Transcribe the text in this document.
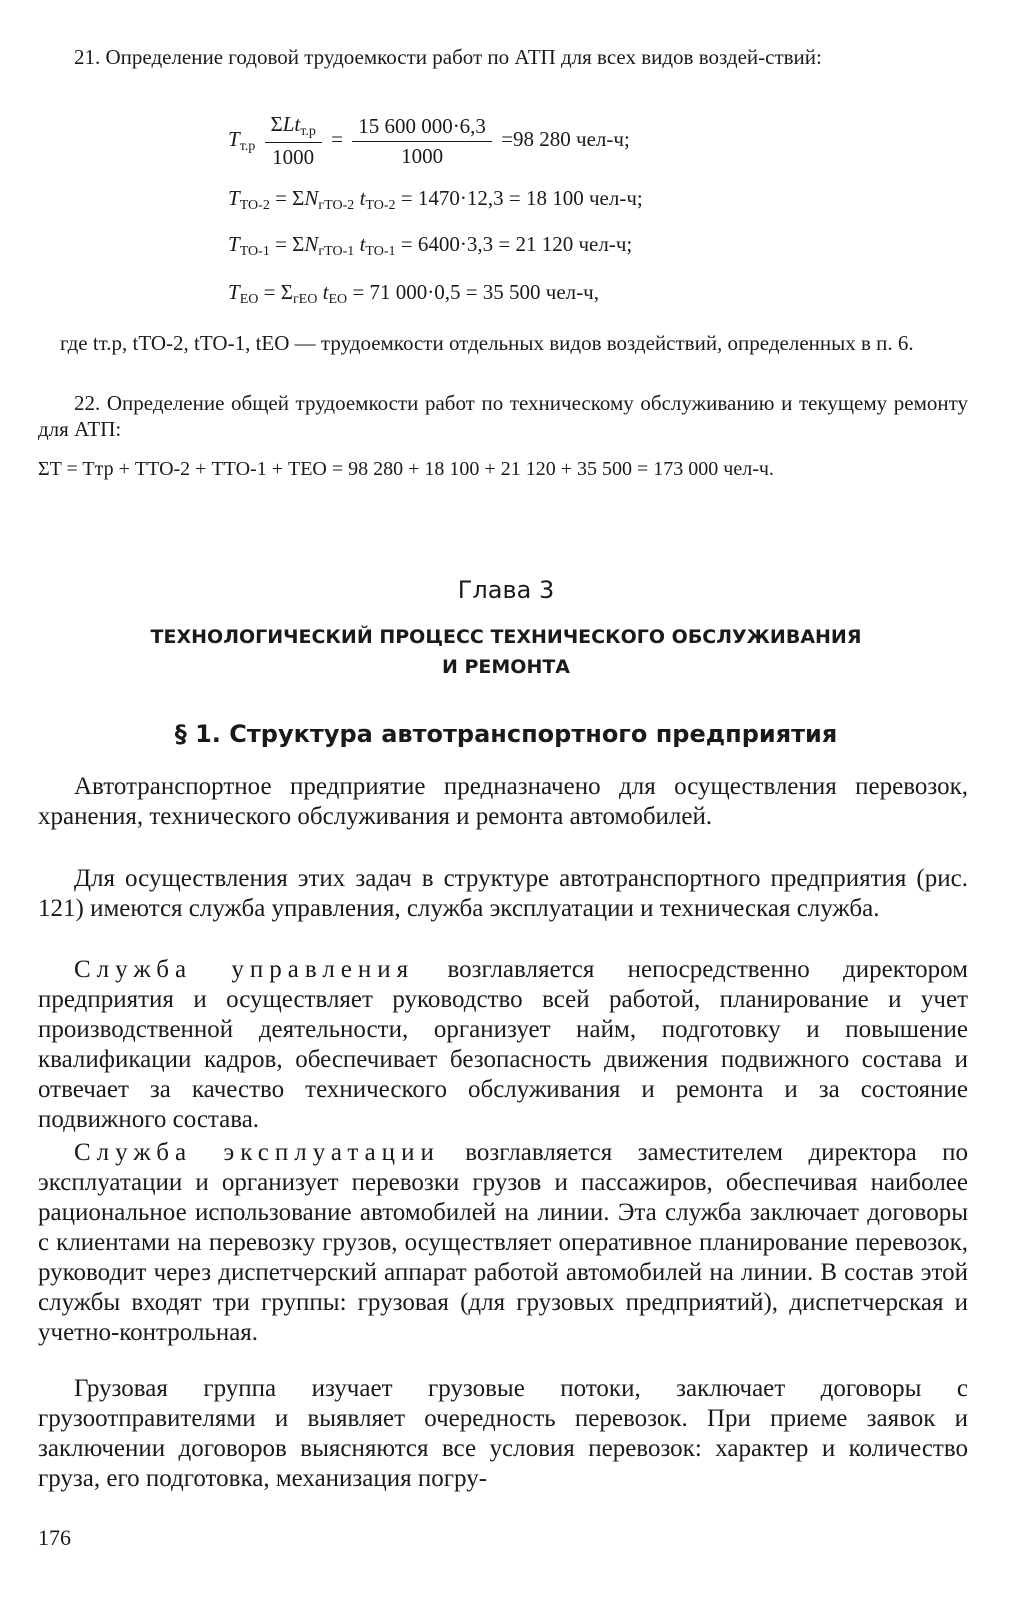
21. Определение годовой трудоемкости работ по АТП для всех видов воздей-ствий:
$T_{т.р} \frac{\Sigma Lt_{т.р}}{1000} = \frac{15 600 000\cdot 6,3}{1000} =98$ 280 чел-ч;
$T_{ТО-2} = \Sigma N_{гТО-2}$ $t_{ТО-2} = 1470\cdot 12,3 = 18$ 100 чел-ч;
$T_{ТО-1} = \Sigma N_{гТО-1}$ $t_{ТО-1} = 6400\cdot 3,3 = 21$ 120 чел-ч;
$T_{ЕО} = \Sigma_{гЕО}$ $t_{ЕО} = 71$ 000·0,5 = 35 500 чел-ч,
где tт.р, tТО-2, tТО-1, tЕО — трудоемкости отдельных видов воздействий, определенных в п. 6.
22. Определение общей трудоемкости работ по техническому обслуживанию и текущему ремонту для АТП:
ΣT = Tтр + TТО-2 + TТО-1 + TЕО = 98 280 + 18 100 + 21 120 + 35 500 = 173 000 чел-ч.
Глава 3
ТЕХНОЛОГИЧЕСКИЙ ПРОЦЕСС ТЕХНИЧЕСКОГО ОБСЛУЖИВАНИЯ
И РЕМОНТА
§ 1. Структура автотранспортного предприятия
Автотранспортное предприятие предназначено для осуществления перевозок, хранения, технического обслуживания и ремонта автомобилей.
Для осуществления этих задач в структуре автотранспортного предприятия (рис. 121) имеются служба управления, служба эксплуатации и техническая служба.
Служба управления возглавляется непосредственно директором предприятия и осуществляет руководство всей работой, планирование и учет производственной деятельности, организует найм, подготовку и повышение квалификации кадров, обеспечивает безопасность движения подвижного состава и отвечает за качество технического обслуживания и ремонта и за состояние подвижного состава.
Служба эксплуатации возглавляется заместителем директора по эксплуатации и организует перевозки грузов и пассажиров, обеспечивая наиболее рациональное использование автомобилей на линии. Эта служба заключает договоры с клиентами на перевозку грузов, осуществляет оперативное планирование перевозок, руководит через диспетчерский аппарат работой автомобилей на линии. В состав этой службы входят три группы: грузовая (для грузовых предприятий), диспетчерская и учетно-контрольная.
Грузовая группа изучает грузовые потоки, заключает договоры с грузоотправителями и выявляет очередность перевозок. При приеме заявок и заключении договоров выясняются все условия перевозок: характер и количество груза, его подготовка, механизация погру-
176
